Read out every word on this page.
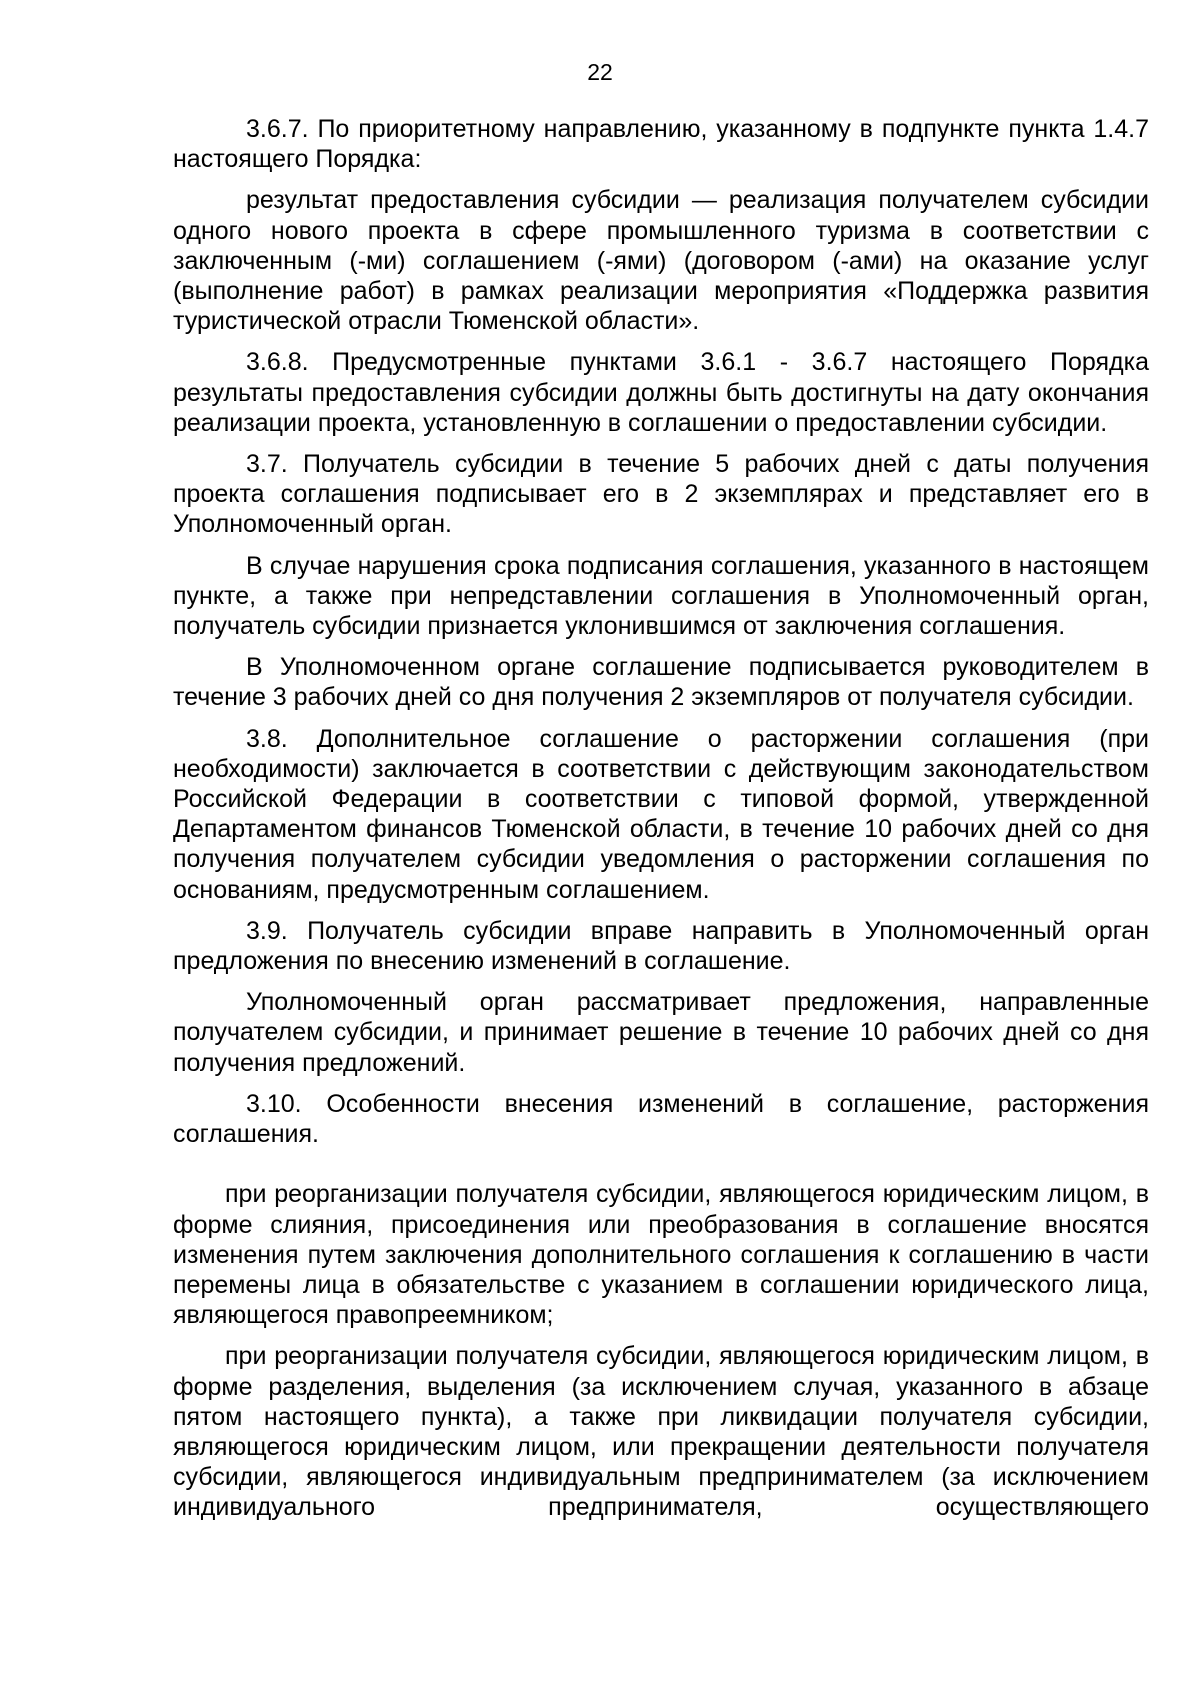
22

3.6.7. По приоритетному направлению, указанному в подпункте пункта 1.4.7 настоящего Порядка:

результат предоставления субсидии — реализация получателем субсидии одного нового проекта в сфере промышленного туризма в соответствии с заключенным (-ми) соглашением (-ями) (договором (-ами) на оказание услуг (выполнение работ) в рамках реализации мероприятия «Поддержка развития туристической отрасли Тюменской области».

3.6.8. Предусмотренные пунктами 3.6.1 - 3.6.7 настоящего Порядка результаты предоставления субсидии должны быть достигнуты на дату окончания реализации проекта, установленную в соглашении о предоставлении субсидии.

3.7. Получатель субсидии в течение 5 рабочих дней с даты получения проекта соглашения подписывает его в 2 экземплярах и представляет его в Уполномоченный орган.

В случае нарушения срока подписания соглашения, указанного в настоящем пункте, а также при непредставлении соглашения в Уполномоченный орган, получатель субсидии признается уклонившимся от заключения соглашения.

В Уполномоченном органе соглашение подписывается руководителем в течение 3 рабочих дней со дня получения 2 экземпляров от получателя субсидии.

3.8. Дополнительное соглашение о расторжении соглашения (при необходимости) заключается в соответствии с действующим законодательством Российской Федерации в соответствии с типовой формой, утвержденной Департаментом финансов Тюменской области, в течение 10 рабочих дней со дня получения получателем субсидии уведомления о расторжении соглашения по основаниям, предусмотренным соглашением.

3.9. Получатель субсидии вправе направить в Уполномоченный орган предложения по внесению изменений в соглашение.

Уполномоченный орган рассматривает предложения, направленные получателем субсидии, и принимает решение в течение 10 рабочих дней со дня получения предложений.

3.10. Особенности внесения изменений в соглашение, расторжения соглашения.

при реорганизации получателя субсидии, являющегося юридическим лицом, в форме слияния, присоединения или преобразования в соглашение вносятся изменения путем заключения дополнительного соглашения к соглашению в части перемены лица в обязательстве с указанием в соглашении юридического лица, являющегося правопреемником;

при реорганизации получателя субсидии, являющегося юридическим лицом, в форме разделения, выделения (за исключением случая, указанного в абзаце пятом настоящего пункта), а также при ликвидации получателя субсидии, являющегося юридическим лицом, или прекращении деятельности получателя субсидии, являющегося индивидуальным предпринимателем (за исключением индивидуального предпринимателя, осуществляющего
